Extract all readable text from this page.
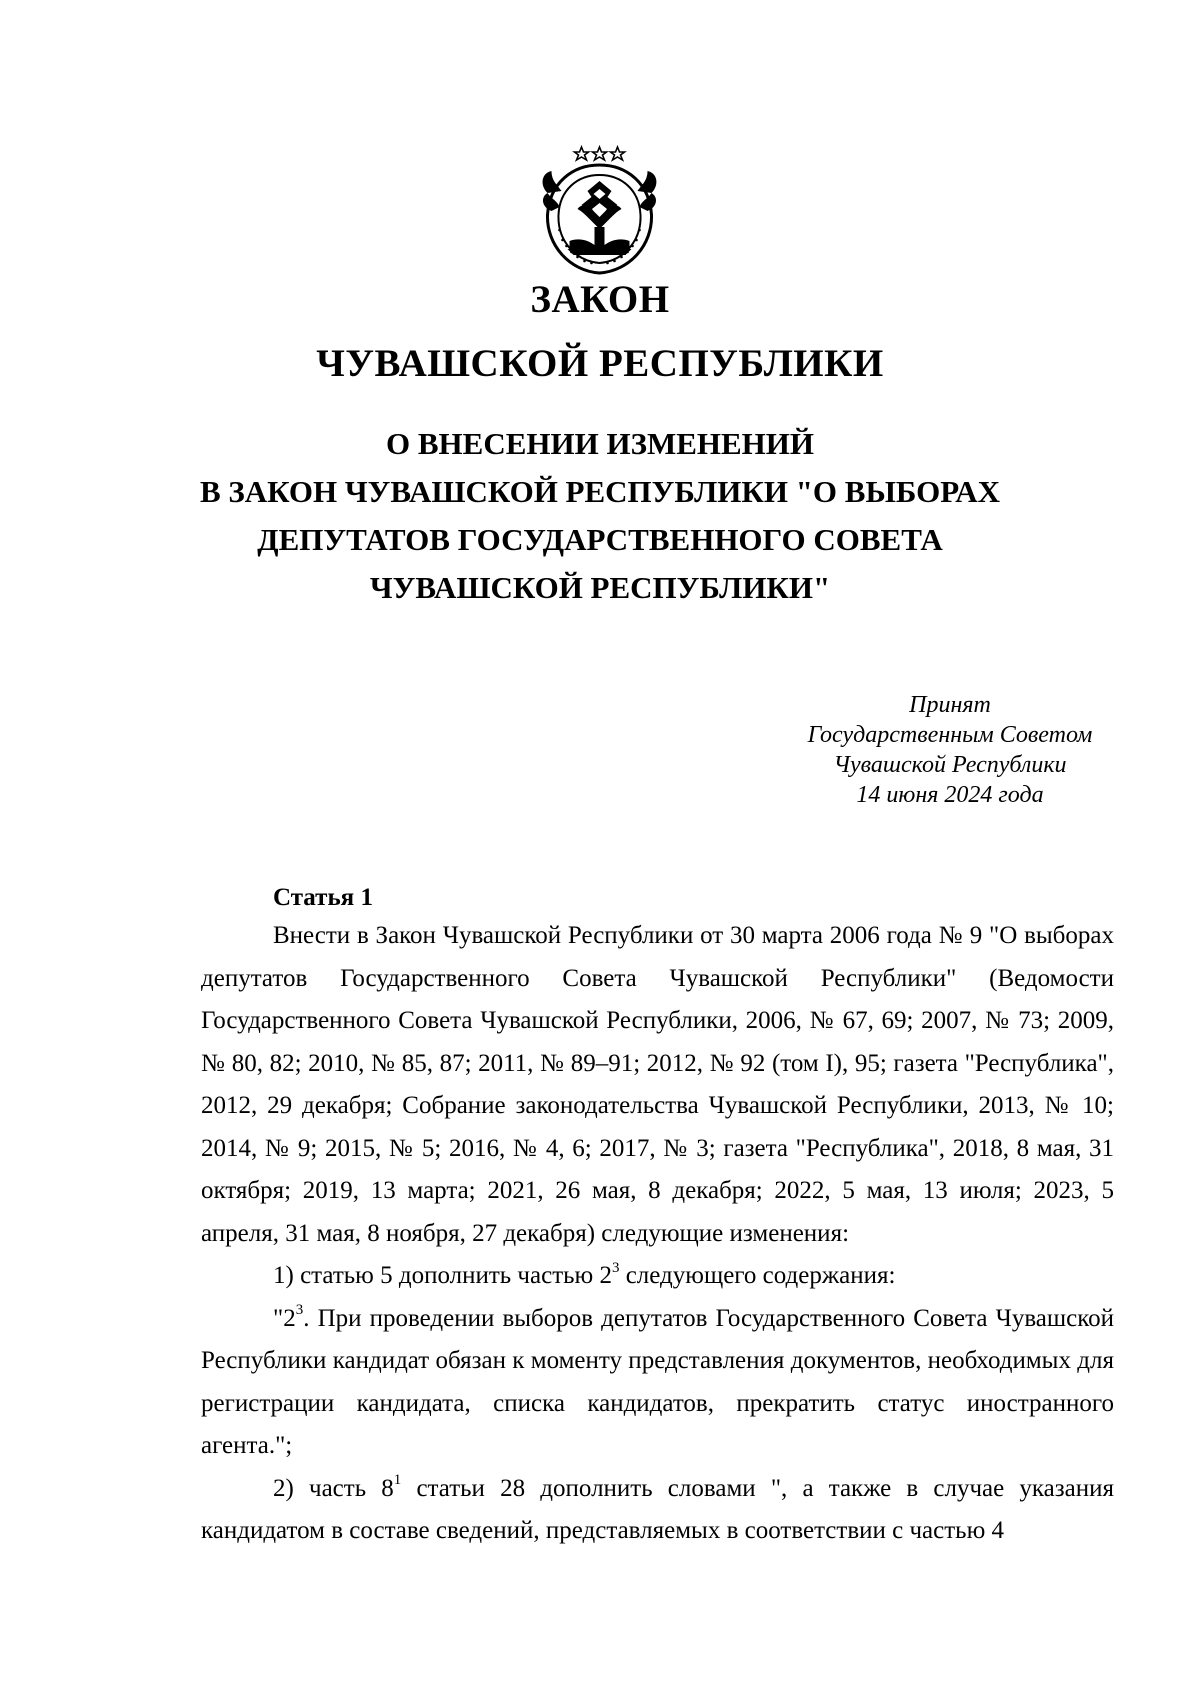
ЗАКОН
ЧУВАШСКОЙ РЕСПУБЛИКИ
О ВНЕСЕНИИ ИЗМЕНЕНИЙ
В ЗАКОН ЧУВАШСКОЙ РЕСПУБЛИКИ "О ВЫБОРАХ
ДЕПУТАТОВ ГОСУДАРСТВЕННОГО СОВЕТА
ЧУВАШСКОЙ РЕСПУБЛИКИ"
Принят
Государственным Советом
Чувашской Республики
14 июня 2024 года
Статья 1

Внести в Закон Чувашской Республики от 30 марта 2006 года № 9 "О выборах депутатов Государственного Совета Чувашской Республики" (Ведомости Государственного Совета Чувашской Республики, 2006, № 67, 69; 2007, № 73; 2009, № 80, 82; 2010, № 85, 87; 2011, № 89–91; 2012, № 92 (том I), 95; газета "Республика", 2012, 29 декабря; Собрание законодательства Чувашской Республики, 2013, № 10; 2014, № 9; 2015, № 5; 2016, № 4, 6; 2017, № 3; газета "Республика", 2018, 8 мая, 31 октября; 2019, 13 марта; 2021, 26 мая, 8 декабря; 2022, 5 мая, 13 июля; 2023, 5 апреля, 31 мая, 8 ноября, 27 декабря) следующие изменения:

1) статью 5 дополнить частью $2^3$ следующего содержания:

"$2^3$. При проведении выборов депутатов Государственного Совета Чувашской Республики кандидат обязан к моменту представления документов, необходимых для регистрации кандидата, списка кандидатов, прекратить статус иностранного агента.";

2) часть $8^1$ статьи 28 дополнить словами ", а также в случае указания кандидатом в составе сведений, представляемых в соответствии с частью 4
